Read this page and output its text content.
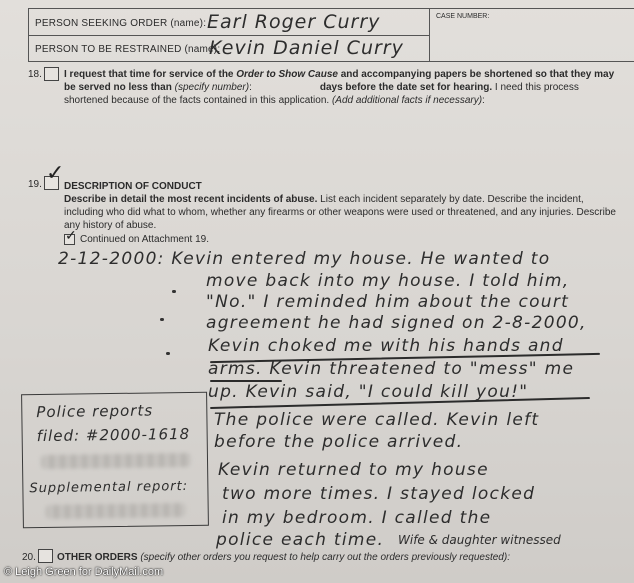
PERSON SEEKING ORDER (name): Earl Roger Curry
PERSON TO BE RESTRAINED (name):
Kevin Daniel Curry
CASE NUMBER:
18. I request that time for service of the Order to Show Cause and accompanying papers be shortened so that they may
be served no less than (specify number):	days before the date set for hearing. I need this process
shortened because of the facts contained in this application. (Add additional facts if necessary):
19. ✓
DESCRIPTION OF CONDUCT
Describe in detail the most recent incidents of abuse. List each incident separately by date. Describe the incident,
including who did what to whom, whether any firearms or other weapons were used or threatened, and any injuries. Describe
any history of abuse.
✓ Continued on Attachment 19.
2-12-2000: Kevin entered my house. He wanted to
move back into my house. I told him,
"No." I reminded him about the court
agreement he had signed on 2-8-2000,
Kevin choked me with his hands and
arms. Kevin threatened to "mess" me
up. Kevin said, "I could kill you!"
The police were called. Kevin left
before the police arrived.
Kevin returned to my house
two more times. I stayed locked
in my bedroom. I called the
police each time. Wife & daughter witnessed
Police reports
filed: #2000-1618
Supplemental report:
20. OTHER ORDERS (specify other orders you request to help carry out the orders previously requested):
© Leigh Green for DailyMail.com
